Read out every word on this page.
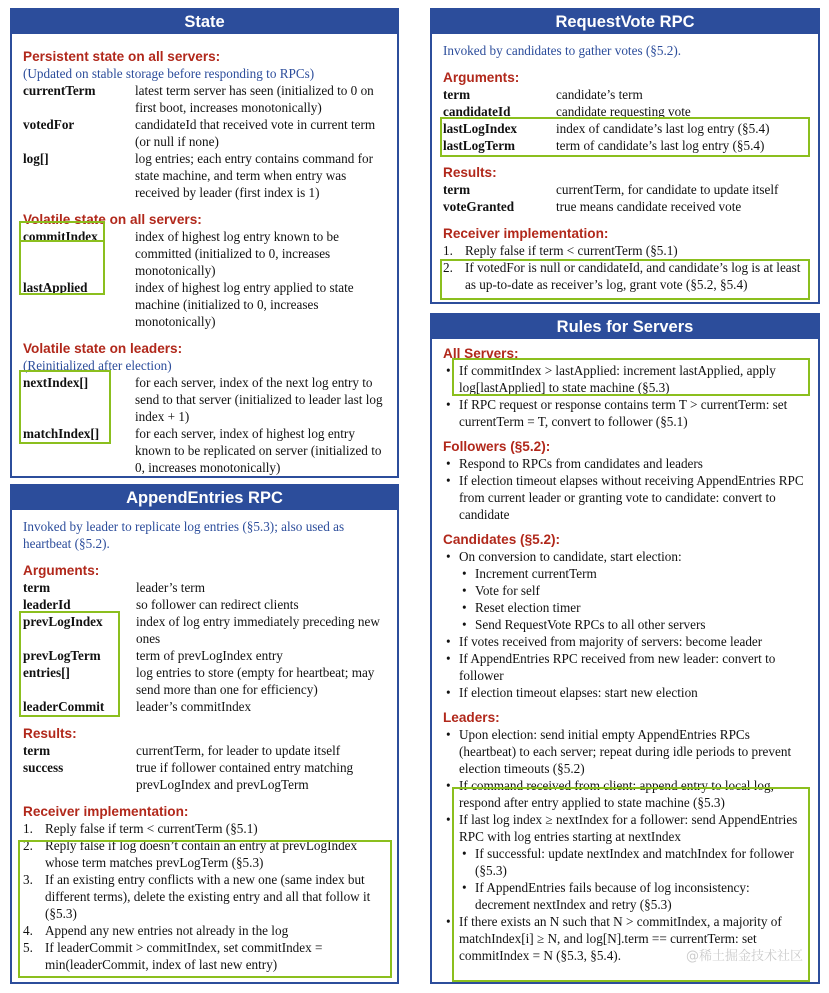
State
Persistent state on all servers:
(Updated on stable storage before responding to RPCs)
currentTerm	latest term server has seen (initialized to 0 on first boot, increases monotonically)
votedFor	candidateId that received vote in current term (or null if none)
log[]	log entries; each entry contains command for state machine, and term when entry was received by leader (first index is 1)
Volatile state on all servers:
commitIndex	index of highest log entry known to be committed (initialized to 0, increases monotonically)
lastApplied	index of highest log entry applied to state machine (initialized to 0, increases monotonically)
Volatile state on leaders:
(Reinitialized after election)
nextIndex[]	for each server, index of the next log entry to send to that server (initialized to leader last log index + 1)
matchIndex[]	for each server, index of highest log entry known to be replicated on server (initialized to 0, increases monotonically)
AppendEntries RPC
Invoked by leader to replicate log entries (§5.3); also used as heartbeat (§5.2).
Arguments:
term	leader’s term
leaderId	so follower can redirect clients
prevLogIndex	index of log entry immediately preceding new ones
prevLogTerm	term of prevLogIndex entry
entries[]	log entries to store (empty for heartbeat; may send more than one for efficiency)
leaderCommit	leader’s commitIndex
Results:
term	currentTerm, for leader to update itself
success	true if follower contained entry matching prevLogIndex and prevLogTerm
Receiver implementation:
1. Reply false if term < currentTerm (§5.1)
2. Reply false if log doesn’t contain an entry at prevLogIndex whose term matches prevLogTerm (§5.3)
3. If an existing entry conflicts with a new one (same index but different terms), delete the existing entry and all that follow it (§5.3)
4. Append any new entries not already in the log
5. If leaderCommit > commitIndex, set commitIndex = min(leaderCommit, index of last new entry)
RequestVote RPC
Invoked by candidates to gather votes (§5.2).
Arguments:
term	candidate’s term
candidateId	candidate requesting vote
lastLogIndex	index of candidate’s last log entry (§5.4)
lastLogTerm	term of candidate’s last log entry (§5.4)
Results:
term	currentTerm, for candidate to update itself
voteGranted	true means candidate received vote
Receiver implementation:
1. Reply false if term < currentTerm (§5.1)
2. If votedFor is null or candidateId, and candidate’s log is at least as up-to-date as receiver’s log, grant vote (§5.2, §5.4)
Rules for Servers
All Servers:
• If commitIndex > lastApplied: increment lastApplied, apply log[lastApplied] to state machine (§5.3)
• If RPC request or response contains term T > currentTerm: set currentTerm = T, convert to follower (§5.1)
Followers (§5.2):
• Respond to RPCs from candidates and leaders
• If election timeout elapses without receiving AppendEntries RPC from current leader or granting vote to candidate: convert to candidate
Candidates (§5.2):
• On conversion to candidate, start election:
• Increment currentTerm
• Vote for self
• Reset election timer
• Send RequestVote RPCs to all other servers
• If votes received from majority of servers: become leader
• If AppendEntries RPC received from new leader: convert to follower
• If election timeout elapses: start new election
Leaders:
• Upon election: send initial empty AppendEntries RPCs (heartbeat) to each server; repeat during idle periods to prevent election timeouts (§5.2)
• If command received from client: append entry to local log, respond after entry applied to state machine (§5.3)
• If last log index ≥ nextIndex for a follower: send AppendEntries RPC with log entries starting at nextIndex
• If successful: update nextIndex and matchIndex for follower (§5.3)
• If AppendEntries fails because of log inconsistency: decrement nextIndex and retry (§5.3)
• If there exists an N such that N > commitIndex, a majority of matchIndex[i] ≥ N, and log[N].term == currentTerm: set commitIndex = N (§5.3, §5.4).	@稀土掘金技术社区
